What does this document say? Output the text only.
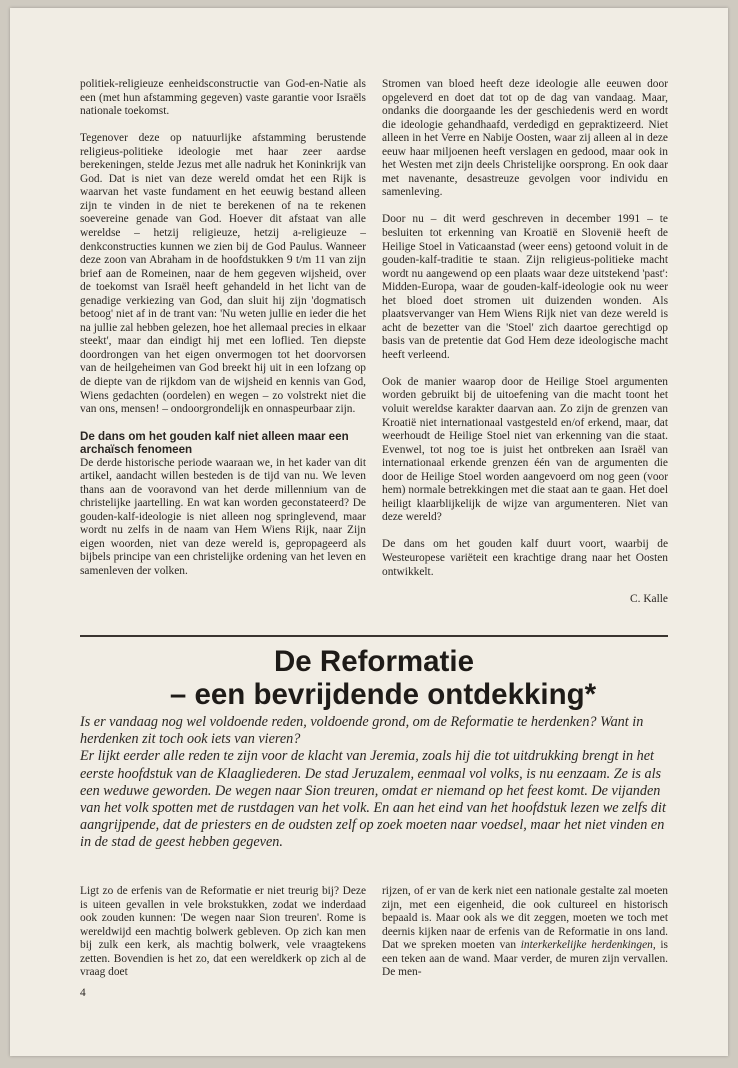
politiek-religieuze eenheidsconstructie van God-en-Natie als een (met hun afstamming gegeven) vaste garantie voor Israëls nationale toekomst.

Tegenover deze op natuurlijke afstamming berustende religieus-politieke ideologie met haar zeer aardse berekeningen, stelde Jezus met alle nadruk het Koninkrijk van God. Dat is niet van deze wereld omdat het een Rijk is waarvan het vaste fundament en het eeuwig bestand alleen zijn te vinden in de niet te berekenen of na te rekenen soevereine genade van God. Hoever dit afstaat van alle wereldse – hetzij religieuze, hetzij a-religieuze – denkconstructies kunnen we zien bij de God Paulus. Wanneer deze zoon van Abraham in de hoofdstukken 9 t/m 11 van zijn brief aan de Romeinen, naar de hem gegeven wijsheid, over de toekomst van Israël heeft gehandeld in het licht van de genadige verkiezing van God, dan sluit hij zijn 'dogmatisch betoog' niet af in de trant van: 'Nu weten jullie en ieder die het na jullie zal hebben gelezen, hoe het allemaal precies in elkaar steekt', maar dan eindigt hij met een loflied. Ten diepste doordrongen van het eigen onvermogen tot het doorvorsen van de heilgeheimen van God breekt hij uit in een lofzang op de diepte van de rijkdom van de wijsheid en kennis van God, Wiens gedachten (oordelen) en wegen – zo volstrekt niet die van ons, mensen! – ondoorgrondelijk en onnaspeurbaar zijn.

De dans om het gouden kalf niet alleen maar een archaïsch fenomeen

De derde historische periode waaraan we, in het kader van dit artikel, aandacht willen besteden is de tijd van nu. We leven thans aan de vooravond van het derde millennium van de christelijke jaartelling. En wat kan worden geconstateerd? De gouden-kalf-ideologie is niet alleen nog springlevend, maar wordt nu zelfs in de naam van Hem Wiens Rijk, naar Zijn eigen woorden, niet van deze wereld is, gepropageerd als bijbels principe van een christelijke ordening van het leven en samenleven der volken.

Stromen van bloed heeft deze ideologie alle eeuwen door opgeleverd en doet dat tot op de dag van vandaag. Maar, ondanks die doorgaande les der geschiedenis werd en wordt die ideologie gehandhaafd, verdedigd en gepraktizeerd. Niet alleen in het Verre en Nabije Oosten, waar zij alleen al in deze eeuw haar miljoenen heeft verslagen en gedood, maar ook in het Westen met zijn deels Christelijke oorsprong. En ook daar met navenante, desastreuze gevolgen voor individu en samenleving.

Door nu – dit werd geschreven in december 1991 – te besluiten tot erkenning van Kroatië en Slovenië heeft de Heilige Stoel in Vaticaanstad (weer eens) getoond voluit in de gouden-kalf-traditie te staan. Zijn religieus-politieke macht wordt nu aangewend op een plaats waar deze uitstekend 'past': Midden-Europa, waar de gouden-kalf-ideologie ook nu weer het bloed doet stromen uit duizenden wonden. Als plaatsvervanger van Hem Wiens Rijk niet van deze wereld is acht de bezetter van die 'Stoel' zich daartoe gerechtigd op basis van de pretentie dat God Hem deze ideologische macht heeft verleend.

Ook de manier waarop door de Heilige Stoel argumenten worden gebruikt bij de uitoefening van die macht toont het voluit wereldse karakter daarvan aan. Zo zijn de grenzen van Kroatië niet internationaal vastgesteld en/of erkend, maar, dat weerhoudt de Heilige Stoel niet van erkenning van die staat. Evenwel, tot nog toe is juist het ontbreken aan Israël van internationaal erkende grenzen één van de argumenten die door de Heilige Stoel worden aangevoerd om nog geen (voor hem) normale betrekkingen met die staat aan te gaan. Het doel heiligt klaarblijkelijk de wijze van argumenteren. Niet van deze wereld?

De dans om het gouden kalf duurt voort, waarbij de Westeuropese variëteit een krachtige drang naar het Oosten ontwikkelt.

C. Kalle

De Reformatie

– een bevrijdende ontdekking*

Is er vandaag nog wel voldoende reden, voldoende grond, om de Reformatie te herdenken? Want in herdenken zit toch ook iets van vieren?
Er lijkt eerder alle reden te zijn voor de klacht van Jeremia, zoals hij die tot uitdrukking brengt in het eerste hoofdstuk van de Klaagliederen. De stad Jeruzalem, eenmaal vol volks, is nu eenzaam. Ze is als een weduwe geworden. De wegen naar Sion treuren, omdat er niemand op het feest komt. De vijanden van het volk spotten met de rustdagen van het volk. En aan het eind van het hoofdstuk lezen we zelfs dit aangrijpende, dat de priesters en de oudsten zelf op zoek moeten naar voedsel, maar het niet vinden en in de stad de geest hebben gegeven.

Ligt zo de erfenis van de Reformatie er niet treurig bij? Deze is uiteen gevallen in vele brokstukken, zodat we inderdaad ook zouden kunnen: 'De wegen naar Sion treuren'. Rome is wereldwijd een machtig bolwerk gebleven. Op zich kan men bij zulk een kerk, als machtig bolwerk, vele vraagtekens zetten. Bovendien is het zo, dat een wereldkerk op zich al de vraag doet

rijzen, of er van de kerk niet een nationale gestalte zal moeten zijn, met een eigenheid, die ook cultureel en historisch bepaald is. Maar ook als we dit zeggen, moeten we toch met deernis kijken naar de erfenis van de Reformatie in ons land. Dat we spreken moeten van interkerkelijke herdenkingen, is een teken aan de wand. Maar verder, de muren zijn vervallen. De men-

4
